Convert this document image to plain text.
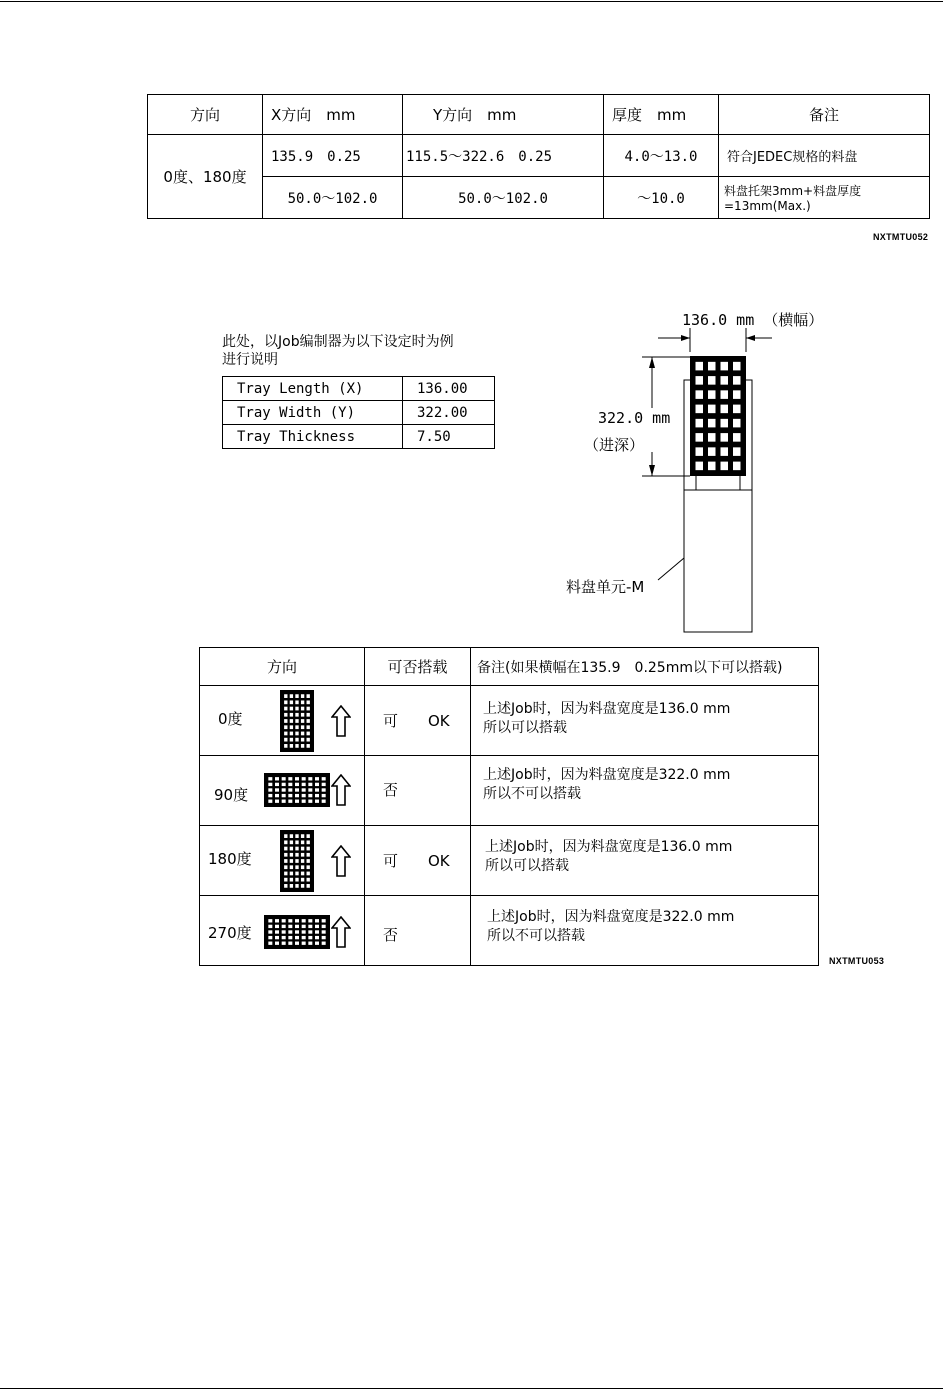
方向	X方向　mm	Y方向　mm	厚度　mm	备注
0度、180度	135.9　0.25	115.5～322.6　0.25	4.0～13.0	符合JEDEC规格的料盘
	50.0～102.0	50.0～102.0	～10.0	料盘托架3mm+料盘厚度=13mm(Max.)
NXTMTU052
此处，以Job编制器为以下设定时为例
进行说明
Tray Length (X)	136.00
Tray Width (Y)	322.00
Tray Thickness	7.50
136.0 mm （横幅）
322.0 mm
（进深）
料盘单元-M
方向	可否搭载	备注(如果横幅在135.9　0.25mm以下可以搭载)

0度	可　　OK	上述Job时，因为料盘宽度是136.0 mm
所以可以搭载

90度	否	上述Job时，因为料盘宽度是322.0 mm
所以不可以搭载

180度	可　　OK	上述Job时，因为料盘宽度是136.0 mm
所以可以搭载

270度	否	上述Job时，因为料盘宽度是322.0 mm
所以不可以搭载
NXTMTU053
